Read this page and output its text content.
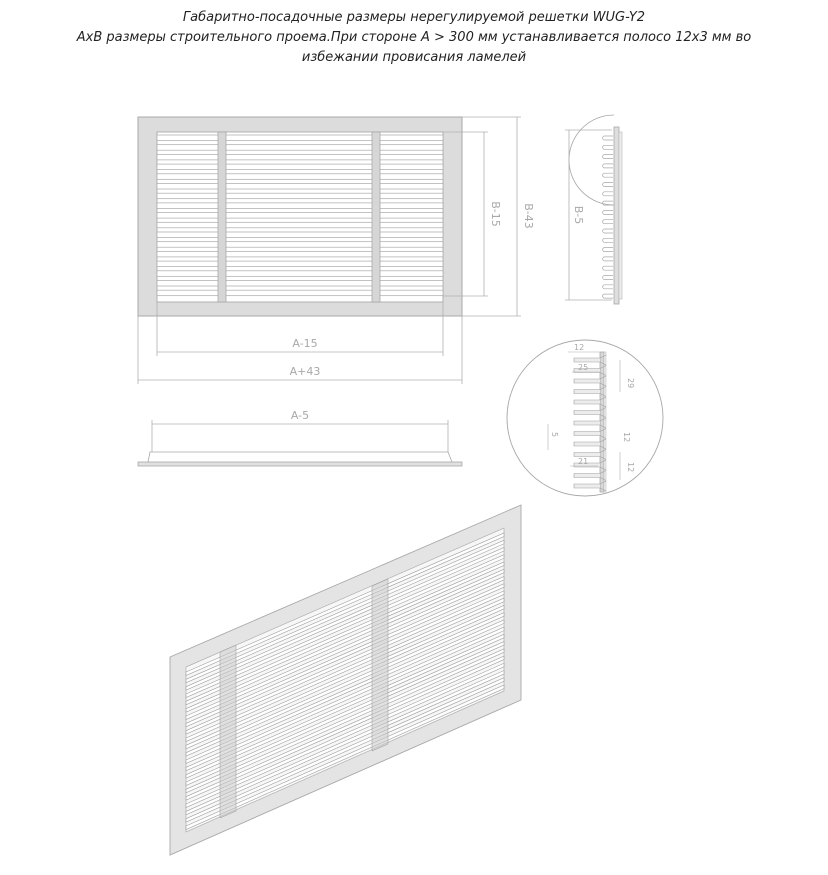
Габаритно-посадочные размеры нерегулируемой решетки WUG-Y2
АхВ размеры строительного проема.При стороне А > 300 мм устанавливается полосо 12х3 мм во
избежании провисания ламелей
A-15
A+43
B-15 B-43
A-5
B-5
12
25
29
5
21
12
12
